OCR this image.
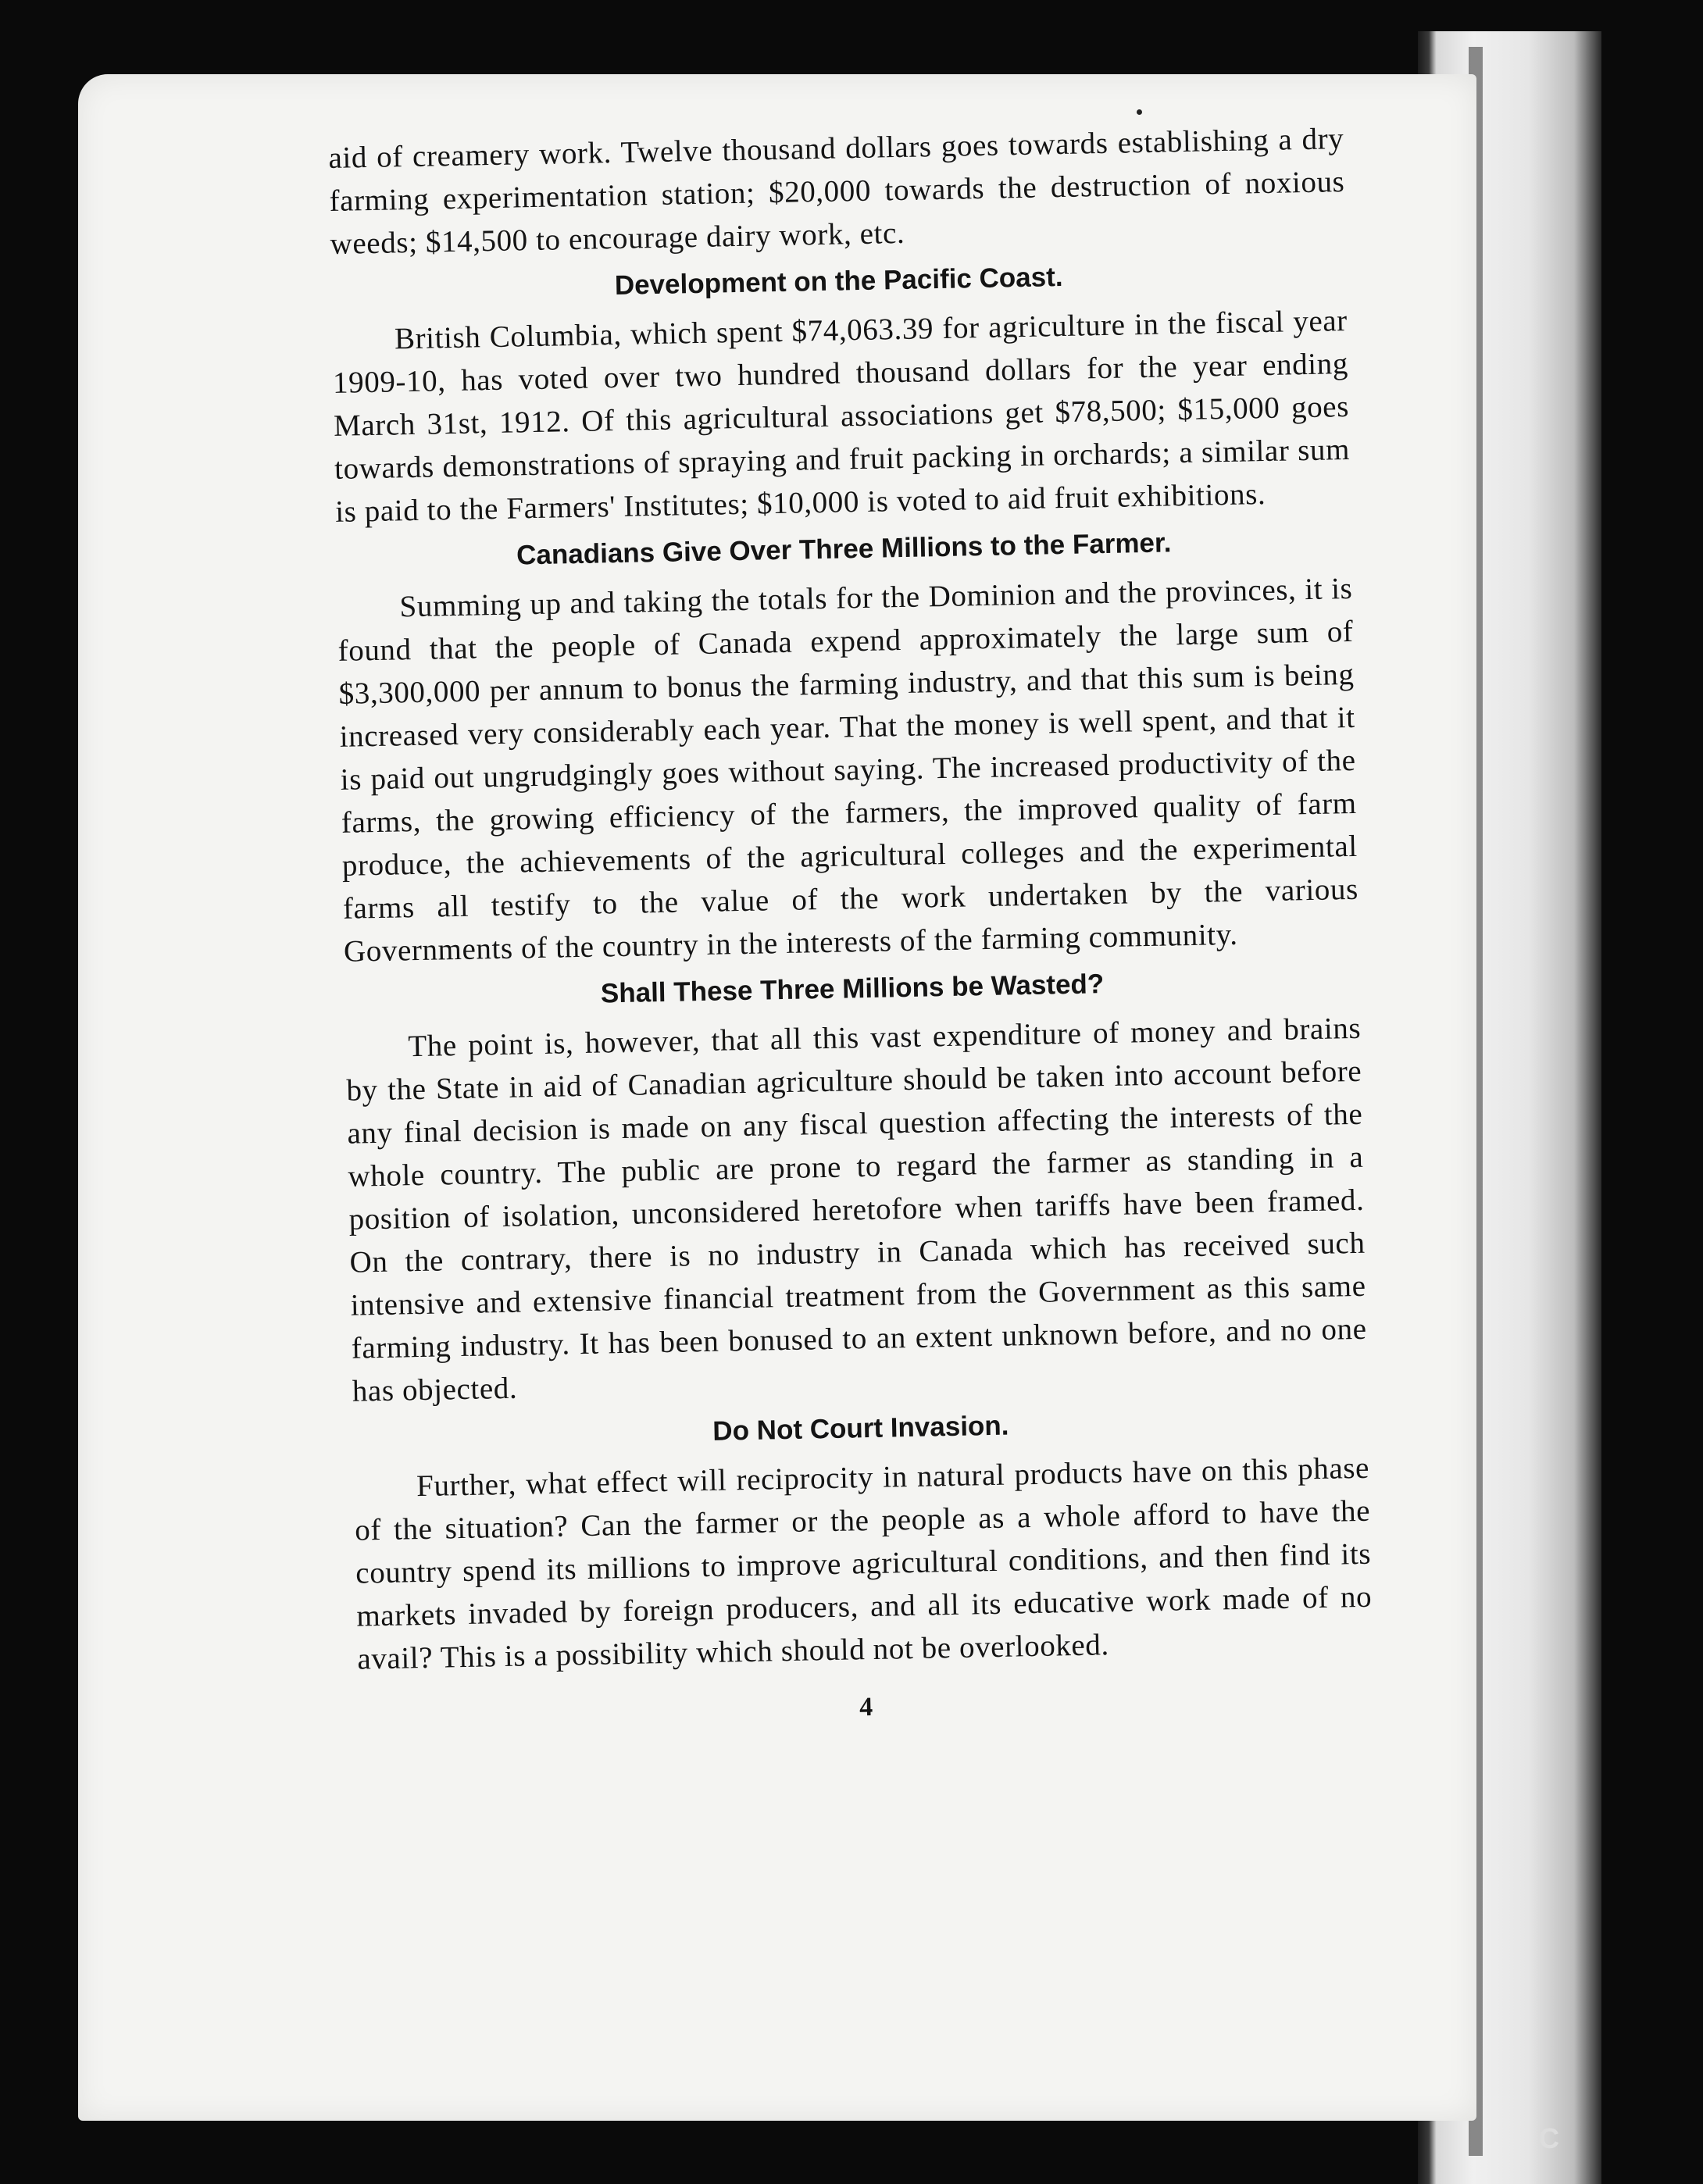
C

aid of creamery work. Twelve thousand dollars goes towards establishing a dry farming experimentation station; $20,000 towards the destruction of noxious weeds; $14,500 to encourage dairy work, etc.

Development on the Pacific Coast.

British Columbia, which spent $74,063.39 for agriculture in the fiscal year 1909-10, has voted over two hundred thousand dollars for the year ending March 31st, 1912. Of this agricultural associations get $78,500; $15,000 goes towards demonstrations of spraying and fruit packing in orchards; a similar sum is paid to the Farmers' Institutes; $10,000 is voted to aid fruit exhibitions.

Canadians Give Over Three Millions to the Farmer.

Summing up and taking the totals for the Dominion and the provinces, it is found that the people of Canada expend approximately the large sum of $3,300,000 per annum to bonus the farming industry, and that this sum is being increased very considerably each year. That the money is well spent, and that it is paid out ungrudgingly goes without saying. The increased productivity of the farms, the growing efficiency of the farmers, the improved quality of farm produce, the achievements of the agricultural colleges and the experimental farms all testify to the value of the work undertaken by the various Governments of the country in the interests of the farming community.

Shall These Three Millions be Wasted?

The point is, however, that all this vast expenditure of money and brains by the State in aid of Canadian agriculture should be taken into account before any final decision is made on any fiscal question affecting the interests of the whole country. The public are prone to regard the farmer as standing in a position of isolation, unconsidered heretofore when tariffs have been framed. On the contrary, there is no industry in Canada which has received such intensive and extensive financial treatment from the Government as this same farming industry. It has been bonused to an extent unknown before, and no one has objected.

Do Not Court Invasion.

Further, what effect will reciprocity in natural products have on this phase of the situation? Can the farmer or the people as a whole afford to have the country spend its millions to improve agricultural conditions, and then find its markets invaded by foreign producers, and all its educative work made of no avail? This is a possibility which should not be overlooked.

4
